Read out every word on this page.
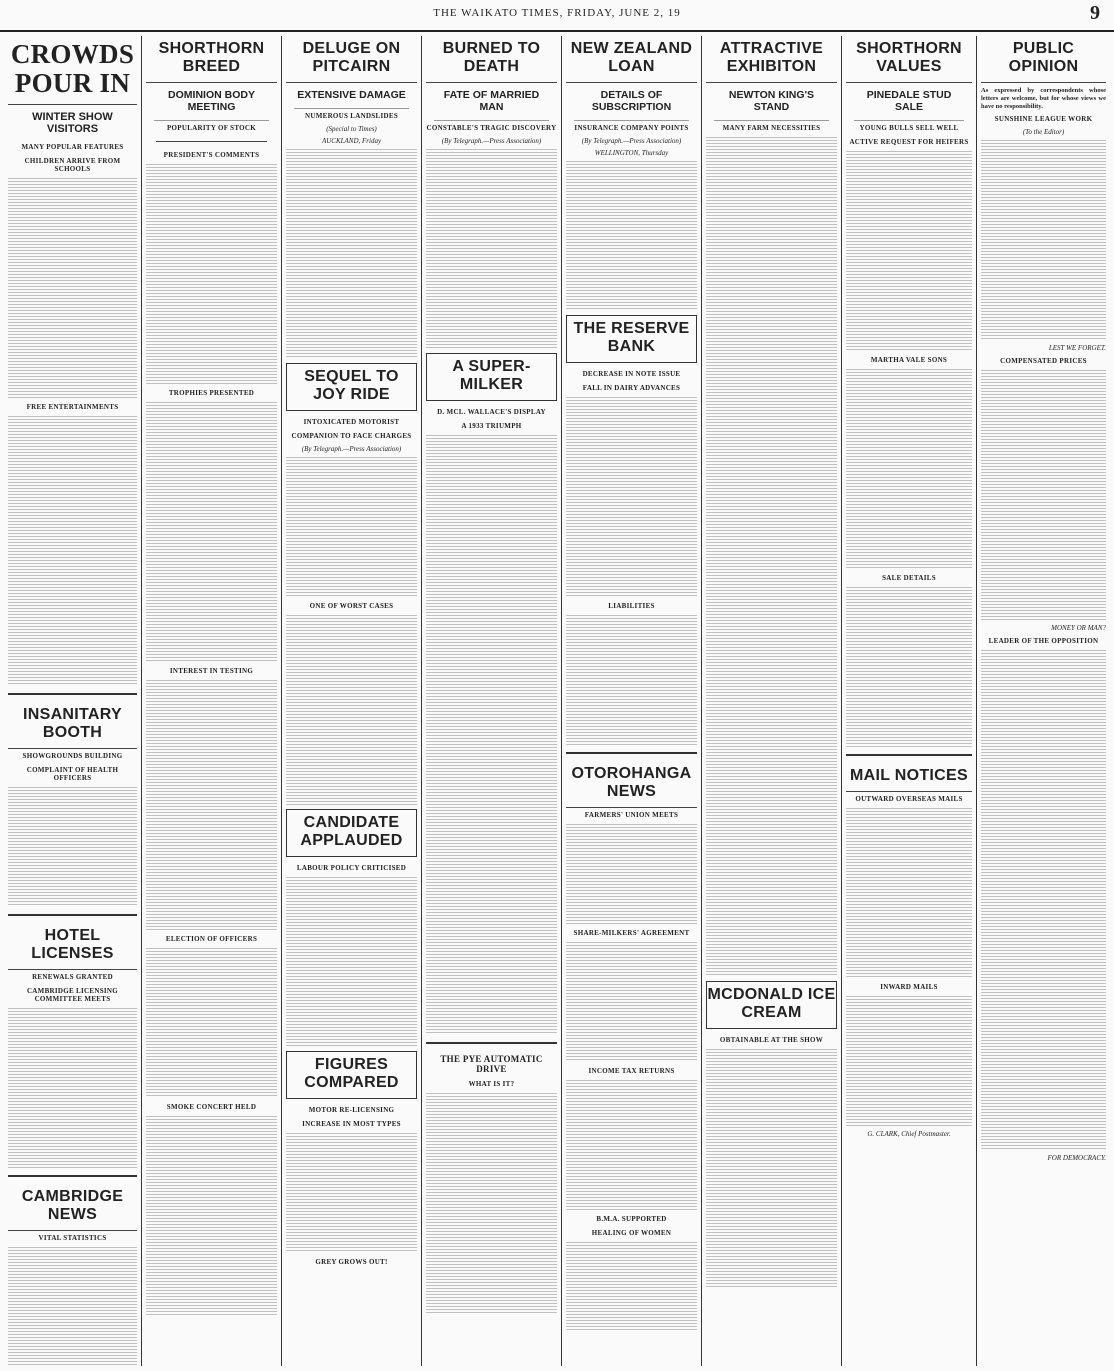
THE WAIKATO TIMES, FRIDAY, JUNE 2, 19	9
CROWDS POUR IN
WINTER SHOW VISITORS
MANY POPULAR FEATURES
CHILDREN ARRIVE FROM SCHOOLS
FREE ENTERTAINMENTS
INSANITARY BOOTH
SHOWGROUNDS BUILDING
COMPLAINT OF HEALTH OFFICERS
HOTEL LICENSES
RENEWALS GRANTED
CAMBRIDGE LICENSING COMMITTEE MEETS
CAMBRIDGE NEWS
VITAL STATISTICS
SHORTHORN BREED
DOMINION BODY MEETING
POPULARITY OF STOCK
PRESIDENT'S COMMENTS
TROPHIES PRESENTED
INTEREST IN TESTING
ELECTION OF OFFICERS
SMOKE CONCERT HELD
DELUGE ON PITCAIRN
EXTENSIVE DAMAGE
NUMEROUS LANDSLIDES
(Special to Times)
AUCKLAND, Friday
SEQUEL TO JOY RIDE
INTOXICATED MOTORIST
COMPANION TO FACE CHARGES
(By Telegraph.—Press Association)
ONE OF WORST CASES
CANDIDATE APPLAUDED
LABOUR POLICY CRITICISED
FIGURES COMPARED
MOTOR RE-LICENSING
INCREASE IN MOST TYPES
GREY GROWS OUT!
BURNED TO DEATH
FATE OF MARRIED MAN
CONSTABLE'S TRAGIC DISCOVERY
(By Telegraph.—Press Association)
A SUPER-MILKER
D. MCL. WALLACE'S DISPLAY
A 1933 TRIUMPH
THE PYE AUTOMATIC DRIVE
WHAT IS IT?
NEW ZEALAND LOAN
DETAILS OF SUBSCRIPTION
INSURANCE COMPANY POINTS
(By Telegraph.—Press Association)
WELLINGTON, Thursday
THE RESERVE BANK
DECREASE IN NOTE ISSUE
FALL IN DAIRY ADVANCES
LIABILITIES
OTOROHANGA NEWS
FARMERS' UNION MEETS
SHARE-MILKERS' AGREEMENT
INCOME TAX RETURNS
B.M.A. SUPPORTED
HEALING OF WOMEN
ATTRACTIVE EXHIBITON
NEWTON KING'S STAND
MANY FARM NECESSITIES
MCDONALD ICE CREAM
OBTAINABLE AT THE SHOW
SHORTHORN VALUES
PINEDALE STUD SALE
YOUNG BULLS SELL WELL
ACTIVE REQUEST FOR HEIFERS
MARTHA VALE SONS
SALE DETAILS
MAIL NOTICES
OUTWARD OVERSEAS MAILS
INWARD MAILS
G. CLARK, Chief Postmaster.
PUBLIC OPINION
As expressed by correspondents whose letters are welcome, but for whose views we have no responsibility.
SUNSHINE LEAGUE WORK
(To the Editor)
LEST WE FORGET.
COMPENSATED PRICES
MONEY OR MAN?
LEADER OF THE OPPOSITION
FOR DEMOCRACY.
